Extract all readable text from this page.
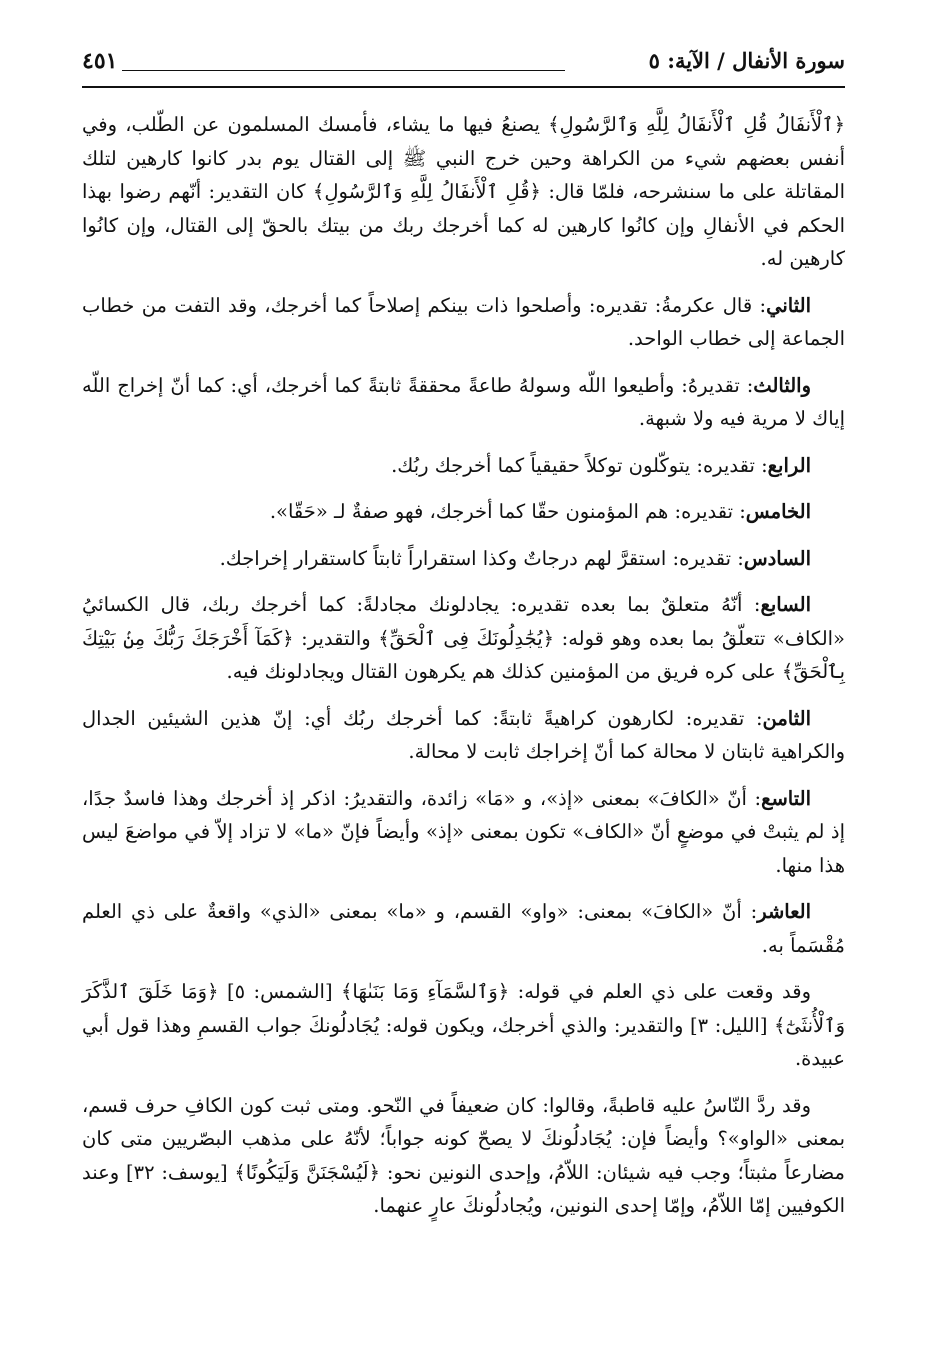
سورة الأنفال / الآية: ٥
٤٥١

﴿ٱلْأَنفَالُ قُلِ ٱلْأَنفَالُ لِلَّهِ وَٱلرَّسُولِ﴾ يصنعُ فيها ما يشاء، فأمسك المسلمون عن الطّلب، وفي أنفس بعضهم شيء من الكراهة وحين خرج النبي ﷺ إلى القتال يوم بدر كانوا كارهين لتلك المقاتلة على ما سنشرحه، فلمّا قال: ﴿قُلِ ٱلْأَنفَالُ لِلَّهِ وَٱلرَّسُولِ﴾ كان التقدير: أنّهم رضوا بهذا الحكم في الأنفالِ وإن كانُوا كارهين له كما أخرجك ربك من بيتك بالحقّ إلى القتال، وإن كانُوا كارهين له.

الثاني: قال عكرمةُ: تقديره: وأصلحوا ذات بينكم إصلاحاً كما أخرجك، وقد التفت من خطاب الجماعة إلى خطاب الواحد.

والثالث: تقديرهُ: وأطيعوا اللّه وسولهُ طاعةً محققةً ثابتةً كما أخرجك، أي: كما أنّ إخراج اللّه إياك لا مرية فيه ولا شبهة.

الرابع: تقديره: يتوكّلون توكلاً حقيقياً كما أخرجك ربُك.

الخامس: تقديره: هم المؤمنون حقّا كما أخرجك، فهو صفةٌ لـ «حَقّا».

السادس: تقديره: استقرَّ لهم درجاتٌ وكذا استقراراً ثابتاً كاستقرار إخراجك.

السابع: أنّهُ متعلقٌ بما بعده تقديره: يجادلونك مجادلةً: كما أخرجك ربك، قال الكسائيُ «الكاف» تتعلّقُ بما بعده وهو قوله: ﴿يُجَٰدِلُونَكَ فِى ٱلْحَقِّ﴾ والتقدير: ﴿كَمَآ أَخْرَجَكَ رَبُّكَ مِنۢ بَيْتِكَ بِٱلْحَقِّ﴾ على كره فريق من المؤمنين كذلك هم يكرهون القتال ويجادلونك فيه.

الثامن: تقديره: لكارهون كراهيةً ثابتةً: كما أخرجك ربُك أي: إنّ هذين الشيئين الجدال والكراهية ثابتان لا محالة كما أنّ إخراجك ثابت لا محالة.

التاسع: أنّ «الكافَ» بمعنى «إذ»، و «مَا» زائدة، والتقديرُ: اذكر إذ أخرجك وهذا فاسدٌ جدًا، إذ لم يثبتْ في موضعٍ أنّ «الكاف» تكون بمعنى «إذ» وأيضاً فإنّ «ما» لا تزاد إلاّ في مواضعَ ليس هذا منها.

العاشر: أنّ «الكافَ» بمعنى: «واو» القسم، و «ما» بمعنى «الذي» واقعةٌ على ذي العلم مُقْسَماً به.

وقد وقعت على ذي العلم في قوله: ﴿وَٱلسَّمَآءِ وَمَا بَنَىٰهَا﴾ [الشمس: ٥] ﴿وَمَا خَلَقَ ٱلذَّكَرَ وَٱلْأُنثَىٰٓ﴾ [الليل: ٣] والتقدير: والذي أخرجك، ويكون قوله: يُجَادلُونكَ جواب القسمِ وهذا قول أبي عبيدة.

وقد ردَّ النّاسُ عليه قاطبةً، وقالوا: كان ضعيفاً في النّحو. ومتى ثبت كون الكافِ حرف قسم، بمعنى «الواو»؟ وأيضاً فإن: يُجَادلُونكَ لا يصحّ كونه جواباً؛ لأنّهُ على مذهب البصّريين متى كان مضارعاً مثبتاً؛ وجب فيه شيئان: اللاّمُ، وإحدى النونين نحو: ﴿لَيُسْجَنَنَّ وَلَيَكُونًا﴾ [يوسف: ٣٢] وعند الكوفيين إمّا اللاّمُ، وإمّا إحدى النونين، ويُجادلُونكَ عارٍ عنهما.
